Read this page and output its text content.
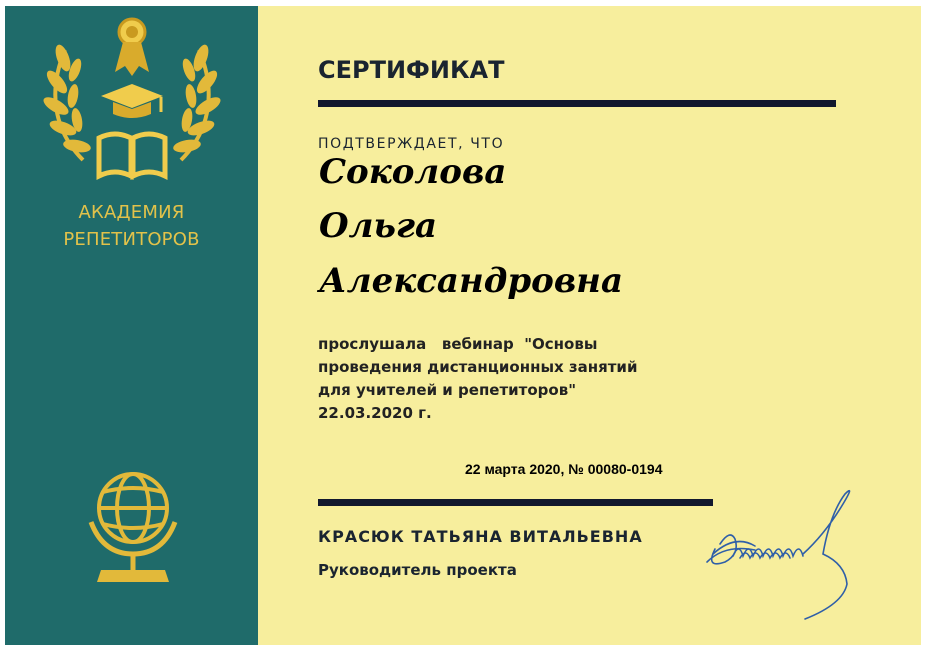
АКАДЕМИЯ

РЕПЕТИТОРОВ

СЕРТИФИКАТ

ПОДТВЕРЖДАЕТ, ЧТО

Соколова

Ольга

Александровна

прослушала   вебинар  "Основы
проведения дистанционных занятий
для учителей и репетиторов"
22.03.2020 г.

22 марта 2020, № 00080-0194

КРАСЮК ТАТЬЯНА ВИТАЛЬЕВНА

Руководитель проекта
